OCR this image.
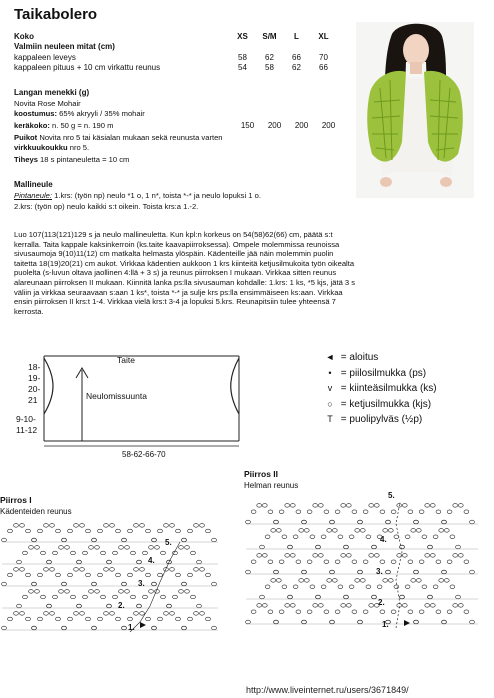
Taikabolero
Koko	XS	S/M	L	XL
Valmiin neuleen mitat (cm)				
kappaleen leveys	58	62	66	70
kappaleen pituus + 10 cm virkattu reunus	54	58	62	66
Langan menekki (g)
Novita Rose Mohair
koostumus: 65% akryyli / 35% mohair
keräkoko: n. 50 g = n. 190 m	150 200 200 200
Puikot Novita nro 5 tai käsialan mukaan sekä reunusta varten
virkkuukoukku nro 5.
Tiheys 18 s pintaneuletta = 10 cm
Mallineule
Pintaneule: 1.krs: (työn np) neulo *1 o, 1 n*, toista *-* ja neulo lopuksi 1 o.
2.krs: (työn op) neulo kaikki s:t oikein. Toista krs:a 1.-2.
Luo 107(113(121)129 s ja neulo mallineuletta. Kun kpl:n korkeus on 54(58)62(66) cm, päätä s:t
kerralla. Taita kappale kaksinkerroin (ks.taite kaavapiirroksessa). Ompele molemmissa reunoissa
sivusaumoja 9(10)11(12) cm matkalta helmasta ylöspäin. Kädenteille jää näin molemmin puolin
taitetta 18(19)20(21) cm aukot. Virkkaa kädentien aukkoon 1 krs kiinteitä ketjusilmukoita työn oikealta
puolelta (s-luvun oltava jaollinen 4:llä + 3 s) ja reunus piirroksen I mukaan. Virkkaa sitten reunus
alareunaan piirroksen II mukaan. Kiinnitä lanka ps:lla sivusauman kohdalle: 1.krs: 1 ks, *5 kjs, jätä 3 s
väliin ja virkkaa seuraavaan s:aan 1 ks*, toista *-* ja sulje krs ps:lla ensimmäiseen ks:aan. Virkkaa
ensin piirroksen II krs:t 1-4. Virkkaa vielä krs:t 3-4 ja lopuksi 5.krs. Reunapitsiin tulee yhteensä 7
kerrosta.
Taite
Neulomissuunta
18-
19-
20-
21
9-10-
11-12
58-62-66-70
◄ = aloitus
• = piilosilmukka (ps)
v = kiinteäsilmukka (ks)
○ = ketjusilmukka (kjs)
T = puolipylväs (½p)
Piirros I
Kädenteiden reunus
1.
2.
3.
4.
5.
Piirros II
Helman reunus
1.
2.
3.
4.
5.
http://www.liveinternet.ru/users/3671849/
